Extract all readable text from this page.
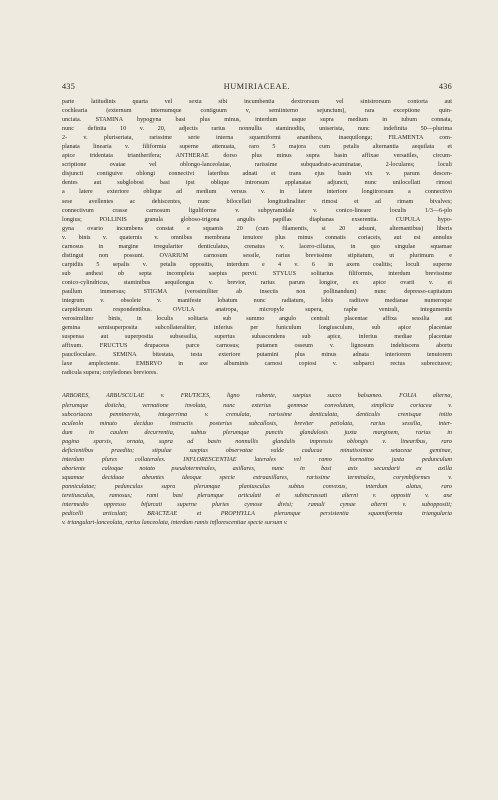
435	HUMIRIACEAE.	436
parte latitudinis quarta vel sexta sibi incumbentia dextrorsum vel sinistrorsum contorta aut
cochlearia (externum internumque contiguum v, semiinterno sejunctum), rara exceptione quin-
unciata. STAMINA hypogyna basi plus minus, interdum usque supra medium in tubum connata,
nunc definita 10 v. 20, adjectis rarius nonnullis staminodiis, uniserista, nunc indefinita 50—plurima
2- v. pluriseriata, rarissime serie interna squamiformi ananthera, inaequilonga; FILAMENTA com-
planata linearia v. filiformia superne attenuata, raro 5 majora cum petalis alternantia aequilata et
apice tridentata triantherifera; ANTHERAE dorso plus minus supra basin affixae versatiles, circum-
scriptione ovatae vel oblongo-lanceolatae, rarissime subquadrato-acuminatae, 2-loculares; loculi
disjuncti contiguive oblongi connectivi lateribus adnati et trans ejus basin vix v. parum descen-
dentes aut subglobosi basi ipsi oblique introrsum applanatae adjuncti, nunc unilocellati rimosi
a latere exteriore oblique ad medium versus v. in latere interiore longitrorsum a connectivo
sese avellentes ac dehiscentes, nunc bilocellati longitudinaliter rimosi et ad rimam bivalves;
connectivum crasse carnosum liguliforme v. subpyramidale v. conico-lineare loculis 1/3—6-plo
longius; POLLINIS granula globoso-trigona angulis papillas diaphanas exserentia. CUPULA hypo-
gyna ovario incumbens constat e squamis 20 (cum filamentis, si 20 adsunt, alternantibus) liberis
v. binis v. quaternis v. omnibus membrana tenuiore plus minus connatis coriaceis, aut est annulus
carnosus in margine irregulariter denticulatus, crenatus v. lacero-ciliatus, in quo singulae squamae
distingui non possunt. OVARIUM carnosum sessile, rarius brevissime stipitatum, ut plurimum e
carpidiis 5 sepalis v. petalis oppositis, interdum e 4 v. 6 in axem coalitis; loculi superne
sub anthesi ob septa incompleta saepius pervii. STYLUS solitarius filiformis, interdum brevissime
conico-cylindricus, staminibus aequilongus v. brevior, rarius parum longior, ex apice ovarii v. ei
paullum immersus; STIGMA (verosimiliter ab insectis non pollinandum) nunc depresso-capitatum
integrum v. obsolete v. manifeste lobatum nunc radiatum, lobis radiisve medianae numeroque
carpidiorum respondentibus. OVULA anatropa, micropyle supera, raphe ventrali, integumentis
verosimiliter binis, in loculis solitaria sub summo angulo centrali placentae affixa sessilia aut
gemina semisuperposita subcollateraliter, inferius per funiculum longiusculum, sub apice placentae
suspensa aut superposita subsessilia, superius subascendens sub apice, inferius mediae placentae
affixum. FRUCTUS drupaceus parce carnosus; putamen osseum v. lignosum indehiscens abortu
pauciloculare. SEMINA bitestata, testa exteriore putamini plus minus adnata interiorem tenuiorem
laxe amplectente. EMBRYO in axe albuminis carnosi copiosi v. subparci rectus subrectusve;
radicula supera; cotyledones breviores.
ARBORES, ARBUSCULAE v. FRUTICES, ligno rubente, saepius succo balsameo. FOLIA alterna,
plerumque disticha, vernatione involuta, nunc exterius gemmae convolutum, simplicia coriacea v.
subcoriacea penninervia, integerrima v. crenulata, rarissime denticulata, denticulis crenisque initio
aculeolo minuto deciduo instructis posterius subcallosis, breviter petiolata, rarius sessilia, inter-
dum in caulem decurrentia, subtus plerumque punctis glandulosis juxta marginem, rarius in
pagina sparsis, ornata, supra ad basin nonnullis glandulis impressis oblongis v. linearibus, raro
deficientibus praedita; stipulae saepius observatae valde caducae minutissimae setaceae geminae,
interdum plures collaterales. INFLORESCENTIAE laterales vel ramo hornotino juxta pedunculum
aboriente caltoque notato pseudoterminales, axillares, nunc in basi axis secundarii ex axilla
squamae deciduae abeuntes ideoque specie extraaxillares, rarissime terminales, corymbiformes v.
panniculatae; pedunculus supra plerumque planiusculus subtus convexus, interdum alatus, raro
teretiusculus, ramosus; rami basi plerumque articulati et subincrassati alterni v. oppositi v. axe
intermedio oppresso bifurcati superne pluries cymose divisi; ramuli cymae alterni v. suboppositi;
pedicelli articulati; BRACTEAE et PROPHYLLA plerumque persistentia squamiformia triangularia
v. triangulari-lanceolata, rarius lanceolata, interdum ramis inflorescentiae specie sursum v.
